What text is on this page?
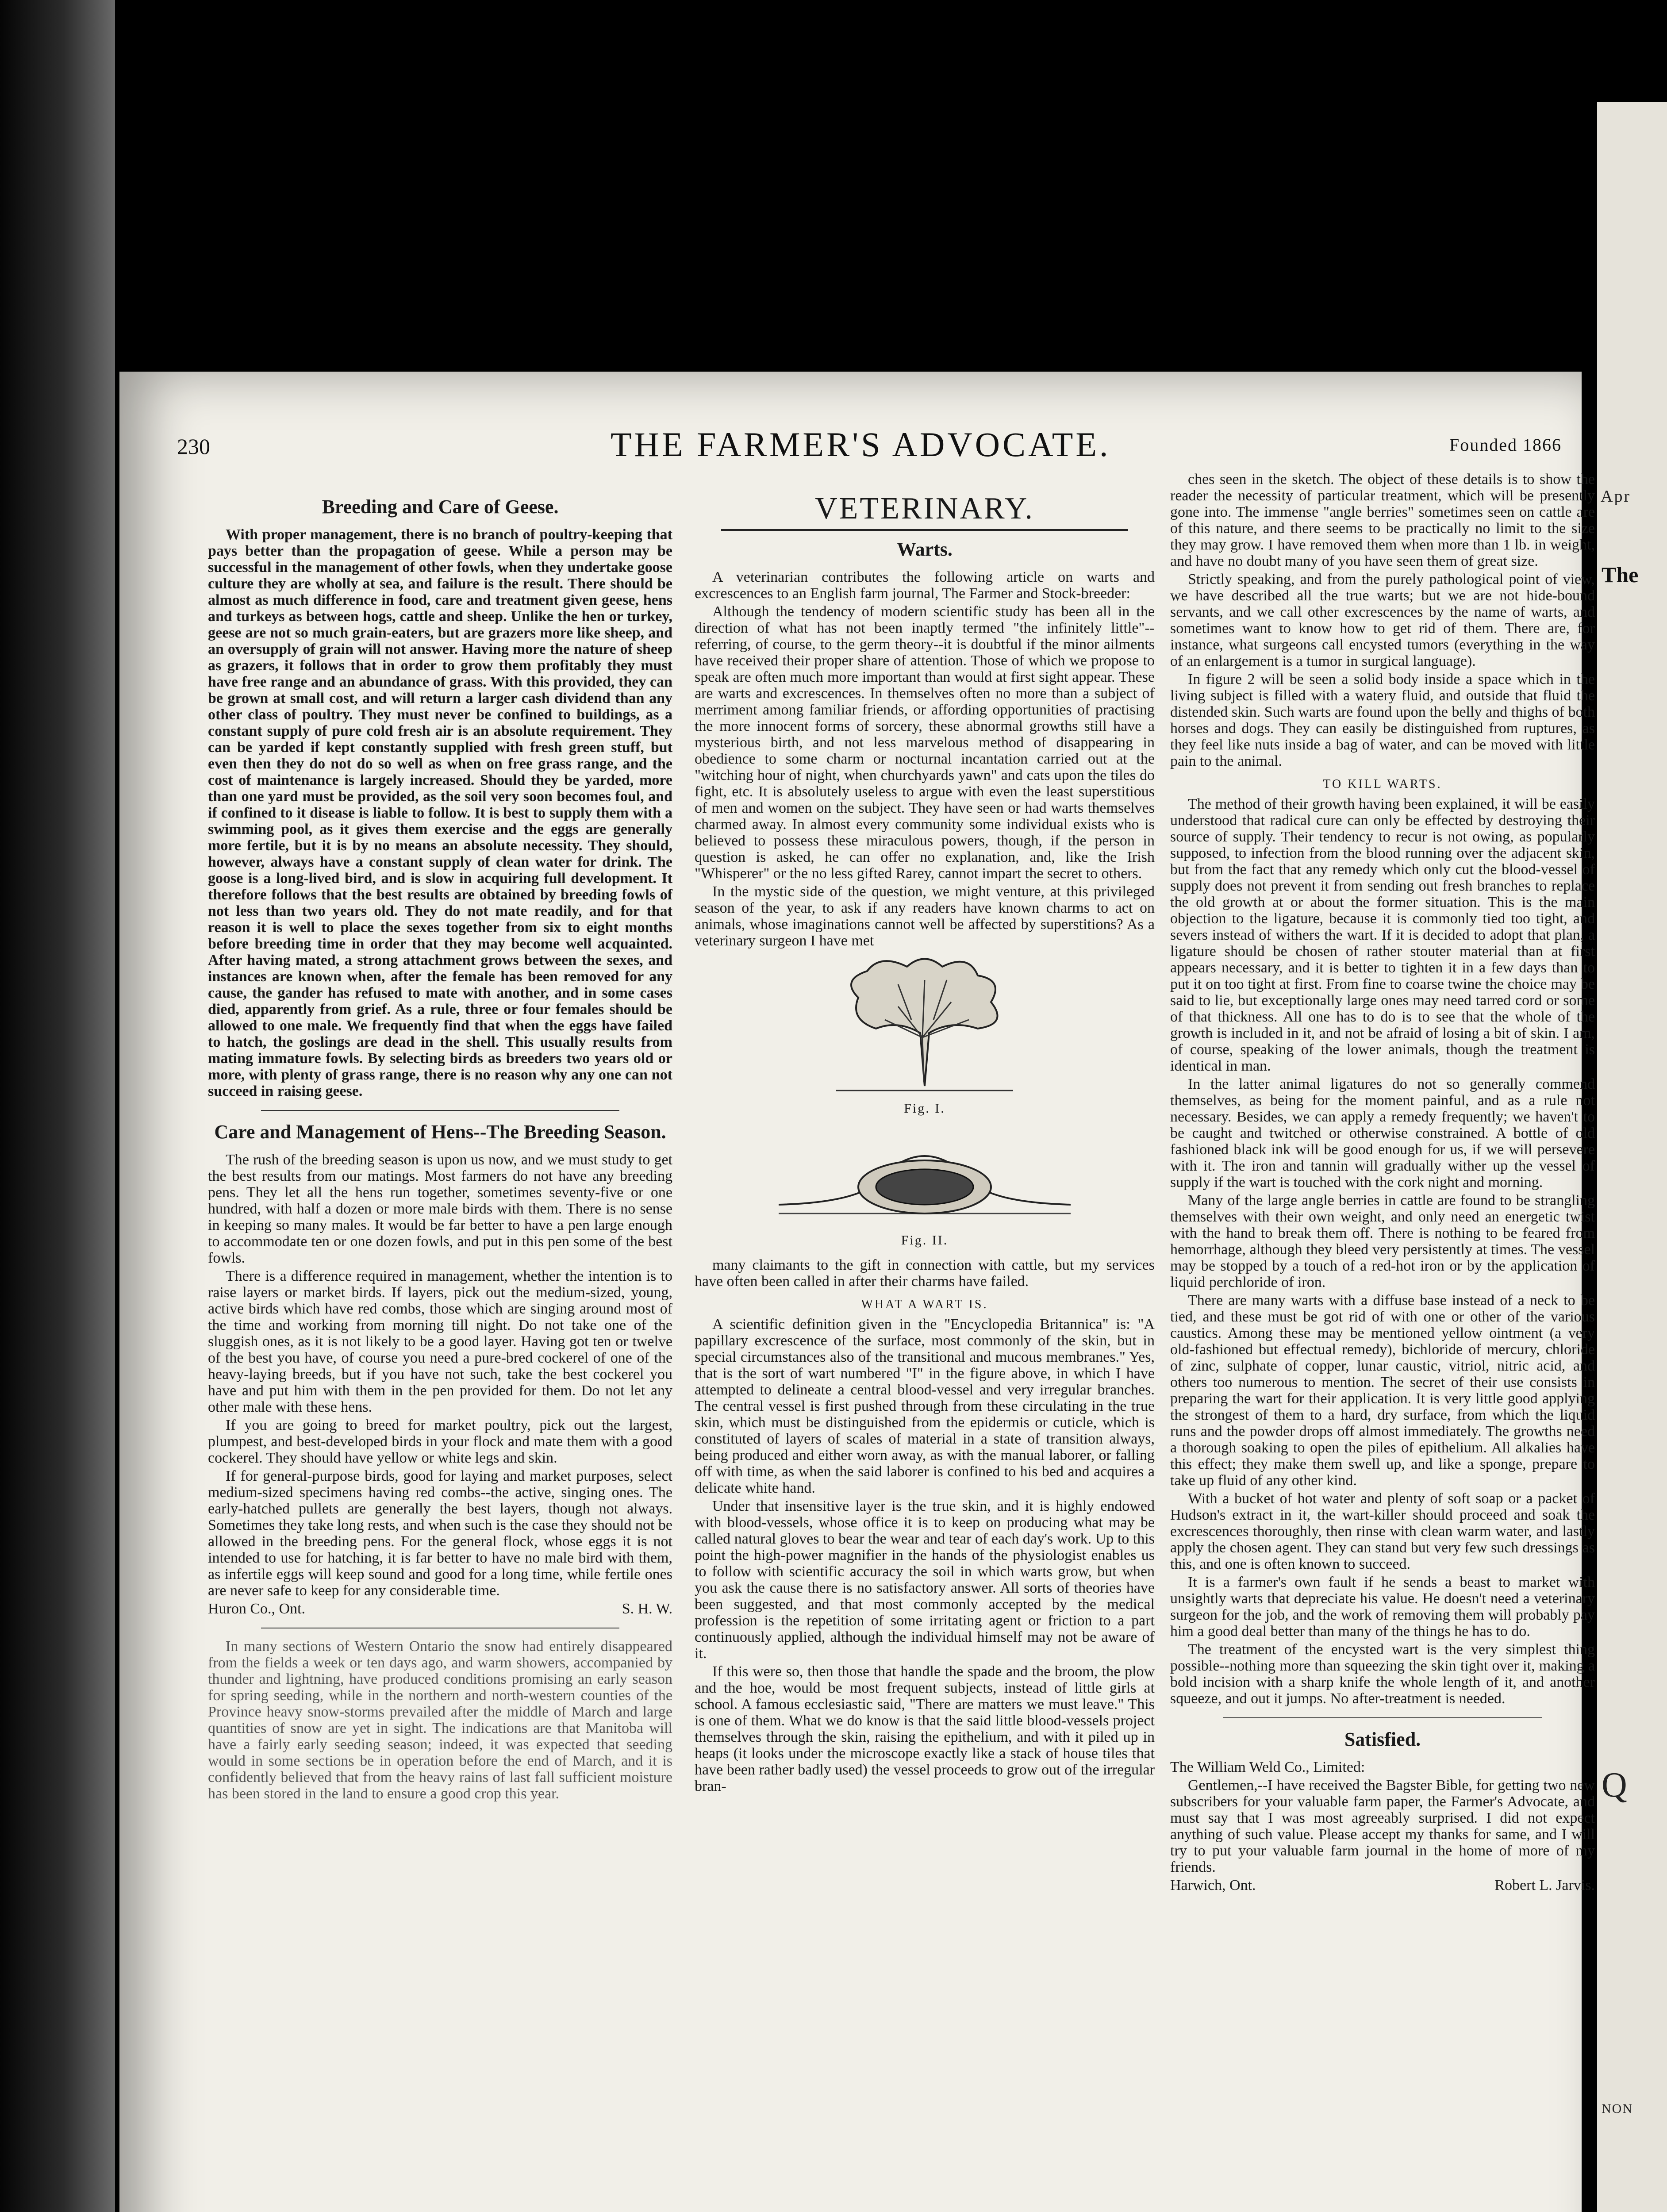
Apr
The
Q
NON
230	THE FARMER'S ADVOCATE.	Founded 1866
Breeding and Care of Geese.

With proper management, there is no branch of poultry-keeping that pays better than the propagation of geese. While a person may be successful in the management of other fowls, when they undertake goose culture they are wholly at sea, and failure is the result. There should be almost as much difference in food, care and treatment given geese, hens and turkeys as between hogs, cattle and sheep. Unlike the hen or turkey, geese are not so much grain-eaters, but are grazers more like sheep, and an oversupply of grain will not answer. Having more the nature of sheep as grazers, it follows that in order to grow them profitably they must have free range and an abundance of grass. With this provided, they can be grown at small cost, and will return a larger cash dividend than any other class of poultry. They must never be confined to buildings, as a constant supply of pure cold fresh air is an absolute requirement. They can be yarded if kept constantly supplied with fresh green stuff, but even then they do not do so well as when on free grass range, and the cost of maintenance is largely increased. Should they be yarded, more than one yard must be provided, as the soil very soon becomes foul, and if confined to it disease is liable to follow. It is best to supply them with a swimming pool, as it gives them exercise and the eggs are generally more fertile, but it is by no means an absolute necessity. They should, however, always have a constant supply of clean water for drink. The goose is a long-lived bird, and is slow in acquiring full development. It therefore follows that the best results are obtained by breeding fowls of not less than two years old. They do not mate readily, and for that reason it is well to place the sexes together from six to eight months before breeding time in order that they may become well acquainted. After having mated, a strong attachment grows between the sexes, and instances are known when, after the female has been removed for any cause, the gander has refused to mate with another, and in some cases died, apparently from grief. As a rule, three or four females should be allowed to one male. We frequently find that when the eggs have failed to hatch, the goslings are dead in the shell. This usually results from mating immature fowls. By selecting birds as breeders two years old or more, with plenty of grass range, there is no reason why any one can not succeed in raising geese.

Care and Management of Hens--The Breeding Season.

The rush of the breeding season is upon us now, and we must study to get the best results from our matings. Most farmers do not have any breeding pens. They let all the hens run together, sometimes seventy-five or one hundred, with half a dozen or more male birds with them. There is no sense in keeping so many males. It would be far better to have a pen large enough to accommodate ten or one dozen fowls, and put in this pen some of the best fowls.

There is a difference required in management, whether the intention is to raise layers or market birds. If layers, pick out the medium-sized, young, active birds which have red combs, those which are singing around most of the time and working from morning till night. Do not take one of the sluggish ones, as it is not likely to be a good layer. Having got ten or twelve of the best you have, of course you need a pure-bred cockerel of one of the heavy-laying breeds, but if you have not such, take the best cockerel you have and put him with them in the pen provided for them. Do not let any other male with these hens.

If you are going to breed for market poultry, pick out the largest, plumpest, and best-developed birds in your flock and mate them with a good cockerel. They should have yellow or white legs and skin.

If for general-purpose birds, good for laying and market purposes, select medium-sized specimens having red combs--the active, singing ones. The early-hatched pullets are generally the best layers, though not always. Sometimes they take long rests, and when such is the case they should not be allowed in the breeding pens. For the general flock, whose eggs it is not intended to use for hatching, it is far better to have no male bird with them, as infertile eggs will keep sound and good for a long time, while fertile ones are never safe to keep for any considerable time.

Huron Co., Ont.	S. H. W.

In many sections of Western Ontario the snow had entirely disappeared from the fields a week or ten days ago, and warm showers, accompanied by thunder and lightning, have produced conditions promising an early season for spring seeding, while in the northern and north-western counties of the Province heavy snow-storms prevailed after the middle of March and large quantities of snow are yet in sight. The indications are that Manitoba will have a fairly early seeding season; indeed, it was expected that seeding would in some sections be in operation before the end of March, and it is confidently believed that from the heavy rains of last fall sufficient moisture has been stored in the land to ensure a good crop this year.

VETERINARY.
Warts.

A veterinarian contributes the following article on warts and excrescences to an English farm journal, The Farmer and Stock-breeder:

Although the tendency of modern scientific study has been all in the direction of what has not been inaptly termed "the infinitely little"--referring, of course, to the germ theory--it is doubtful if the minor ailments have received their proper share of attention. Those of which we propose to speak are often much more important than would at first sight appear. These are warts and excrescences. In themselves often no more than a subject of merriment among familiar friends, or affording opportunities of practising the more innocent forms of sorcery, these abnormal growths still have a mysterious birth, and not less marvelous method of disappearing in obedience to some charm or nocturnal incantation carried out at the "witching hour of night, when churchyards yawn" and cats upon the tiles do fight, etc. It is absolutely useless to argue with even the least superstitious of men and women on the subject. They have seen or had warts themselves charmed away. In almost every community some individual exists who is believed to possess these miraculous powers, though, if the person in question is asked, he can offer no explanation, and, like the Irish "Whisperer" or the no less gifted Rarey, cannot impart the secret to others.

In the mystic side of the question, we might venture, at this privileged season of the year, to ask if any readers have known charms to act on animals, whose imaginations cannot well be affected by superstitions? As a veterinary surgeon I have met

Fig. I.
Fig. II.

many claimants to the gift in connection with cattle, but my services have often been called in after their charms have failed.

WHAT A WART IS.

A scientific definition given in the "Encyclopedia Britannica" is: "A papillary excrescence of the surface, most commonly of the skin, but in special circumstances also of the transitional and mucous membranes." Yes, that is the sort of wart numbered "I" in the figure above, in which I have attempted to delineate a central blood-vessel and very irregular branches. The central vessel is first pushed through from these circulating in the true skin, which must be distinguished from the epidermis or cuticle, which is constituted of layers of scales of material in a state of transition always, being produced and either worn away, as with the manual laborer, or falling off with time, as when the said laborer is confined to his bed and acquires a delicate white hand.

Under that insensitive layer is the true skin, and it is highly endowed with blood-vessels, whose office it is to keep on producing what may be called natural gloves to bear the wear and tear of each day's work. Up to this point the high-power magnifier in the hands of the physiologist enables us to follow with scientific accuracy the soil in which warts grow, but when you ask the cause there is no satisfactory answer. All sorts of theories have been suggested, and that most commonly accepted by the medical profession is the repetition of some irritating agent or friction to a part continuously applied, although the individual himself may not be aware of it.

If this were so, then those that handle the spade and the broom, the plow and the hoe, would be most frequent subjects, instead of little girls at school. A famous ecclesiastic said, "There are matters we must leave." This is one of them. What we do know is that the said little blood-vessels project themselves through the skin, raising the epithelium, and with it piled up in heaps (it looks under the microscope exactly like a stack of house tiles that have been rather badly used) the vessel proceeds to grow out of the irregular bran-

ches seen in the sketch. The object of these details is to show the reader the necessity of particular treatment, which will be presently gone into. The immense "angle berries" sometimes seen on cattle are of this nature, and there seems to be practically no limit to the size they may grow. I have removed them when more than 1 lb. in weight, and have no doubt many of you have seen them of great size.

Strictly speaking, and from the purely pathological point of view, we have described all the true warts; but we are not hide-bound servants, and we call other excrescences by the name of warts, and sometimes want to know how to get rid of them. There are, for instance, what surgeons call encysted tumors (everything in the way of an enlargement is a tumor in surgical language).

In figure 2 will be seen a solid body inside a space which in the living subject is filled with a watery fluid, and outside that fluid the distended skin. Such warts are found upon the belly and thighs of both horses and dogs. They can easily be distinguished from ruptures, as they feel like nuts inside a bag of water, and can be moved with little pain to the animal.

TO KILL WARTS.

The method of their growth having been explained, it will be easily understood that radical cure can only be effected by destroying their source of supply. Their tendency to recur is not owing, as popularly supposed, to infection from the blood running over the adjacent skin, but from the fact that any remedy which only cut the blood-vessel of supply does not prevent it from sending out fresh branches to replace the old growth at or about the former situation. This is the main objection to the ligature, because it is commonly tied too tight, and severs instead of withers the wart. If it is decided to adopt that plan, a ligature should be chosen of rather stouter material than at first appears necessary, and it is better to tighten it in a few days than to put it on too tight at first. From fine to coarse twine the choice may be said to lie, but exceptionally large ones may need tarred cord or some of that thickness. All one has to do is to see that the whole of the growth is included in it, and not be afraid of losing a bit of skin. I am, of course, speaking of the lower animals, though the treatment is identical in man.

In the latter animal ligatures do not so generally commend themselves, as being for the moment painful, and as a rule not necessary. Besides, we can apply a remedy frequently; we haven't to be caught and twitched or otherwise constrained. A bottle of old fashioned black ink will be good enough for us, if we will persevere with it. The iron and tannin will gradually wither up the vessel of supply if the wart is touched with the cork night and morning.

Many of the large angle berries in cattle are found to be strangling themselves with their own weight, and only need an energetic twist with the hand to break them off. There is nothing to be feared from hemorrhage, although they bleed very persistently at times. The vessel may be stopped by a touch of a red-hot iron or by the application of liquid perchloride of iron.

There are many warts with a diffuse base instead of a neck to be tied, and these must be got rid of with one or other of the various caustics. Among these may be mentioned yellow ointment (a very old-fashioned but effectual remedy), bichloride of mercury, chloride of zinc, sulphate of copper, lunar caustic, vitriol, nitric acid, and others too numerous to mention. The secret of their use consists in preparing the wart for their application. It is very little good applying the strongest of them to a hard, dry surface, from which the liquid runs and the powder drops off almost immediately. The growths need a thorough soaking to open the piles of epithelium. All alkalies have this effect; they make them swell up, and like a sponge, prepare to take up fluid of any other kind.

With a bucket of hot water and plenty of soft soap or a packet of Hudson's extract in it, the wart-killer should proceed and soak the excrescences thoroughly, then rinse with clean warm water, and lastly apply the chosen agent. They can stand but very few such dressings as this, and one is often known to succeed.

It is a farmer's own fault if he sends a beast to market with unsightly warts that depreciate his value. He doesn't need a veterinary surgeon for the job, and the work of removing them will probably pay him a good deal better than many of the things he has to do.

The treatment of the encysted wart is the very simplest thing possible--nothing more than squeezing the skin tight over it, making a bold incision with a sharp knife the whole length of it, and another squeeze, and out it jumps. No after-treatment is needed.

Satisfied.

The William Weld Co., Limited:

Gentlemen,--I have received the Bagster Bible, for getting two new subscribers for your valuable farm paper, the Farmer's Advocate, and must say that I was most agreeably surprised. I did not expect anything of such value. Please accept my thanks for same, and I will try to put your valuable farm journal in the home of more of my friends.

Harwich, Ont.	Robert L. Jarvis.
